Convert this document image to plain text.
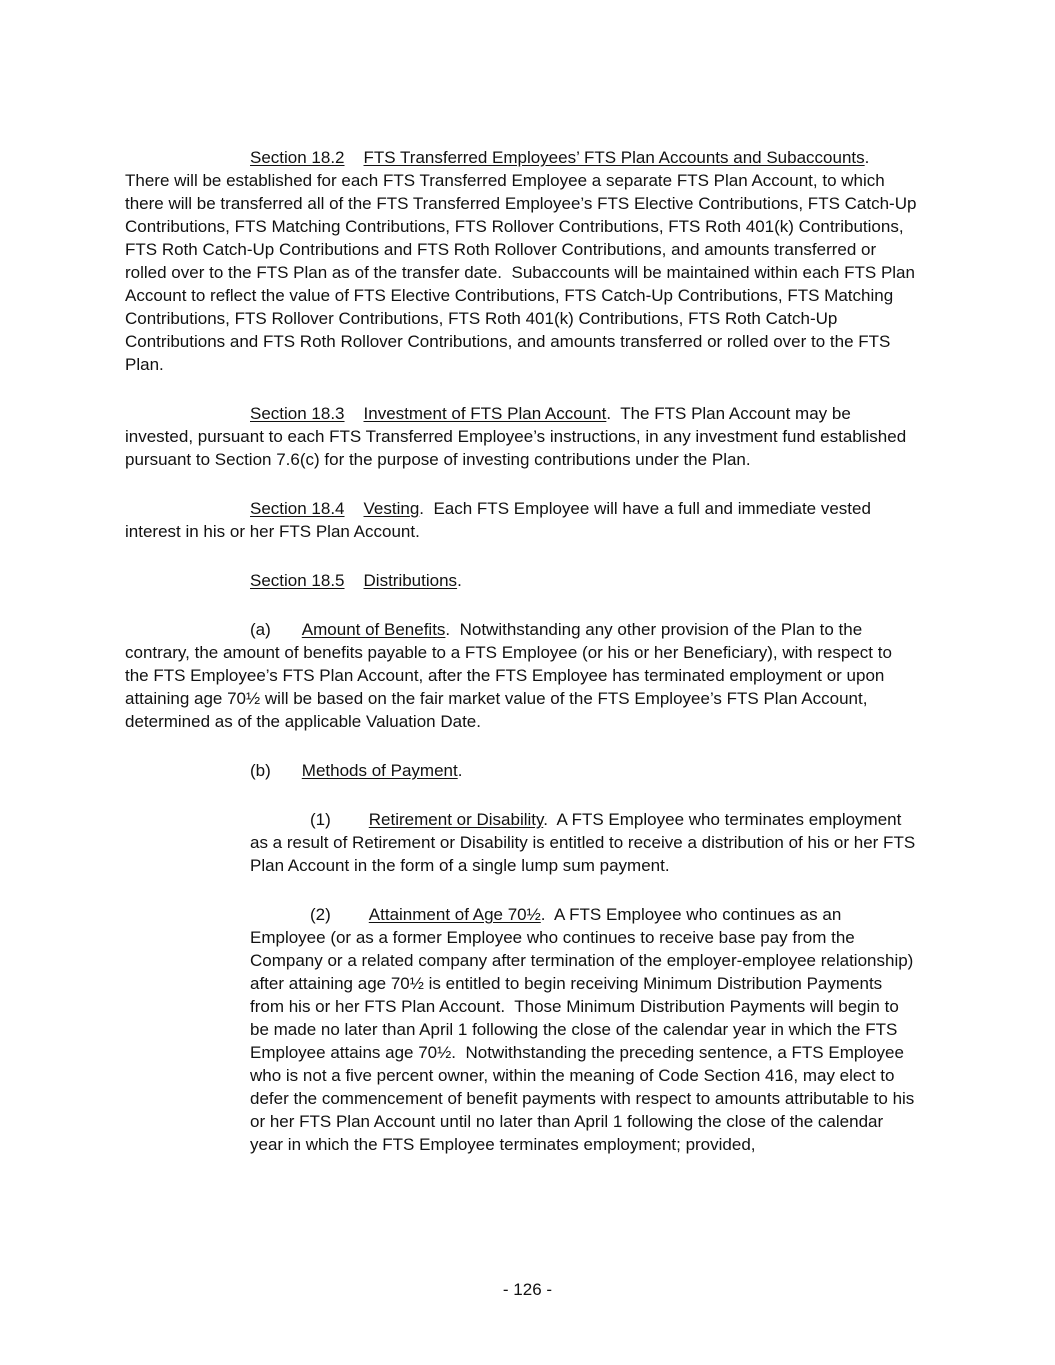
Section 18.2 FTS Transferred Employees’ FTS Plan Accounts and Subaccounts.  There will be established for each FTS Transferred Employee a separate FTS Plan Account, to which there will be transferred all of the FTS Transferred Employee’s FTS Elective Contributions, FTS Catch-Up Contributions, FTS Matching Contributions, FTS Rollover Contributions, FTS Roth 401(k) Contributions, FTS Roth Catch-Up Contributions and FTS Roth Rollover Contributions, and amounts transferred or rolled over to the FTS Plan as of the transfer date.  Subaccounts will be maintained within each FTS Plan Account to reflect the value of FTS Elective Contributions, FTS Catch-Up Contributions, FTS Matching Contributions, FTS Rollover Contributions, FTS Roth 401(k) Contributions, FTS Roth Catch-Up Contributions and FTS Roth Rollover Contributions, and amounts transferred or rolled over to the FTS Plan.

Section 18.3 Investment of FTS Plan Account.  The FTS Plan Account may be invested, pursuant to each FTS Transferred Employee’s instructions, in any investment fund established pursuant to Section 7.6(c) for the purpose of investing contributions under the Plan.

Section 18.4 Vesting.  Each FTS Employee will have a full and immediate vested interest in his or her FTS Plan Account.

Section 18.5 Distributions.

(a) Amount of Benefits.  Notwithstanding any other provision of the Plan to the contrary, the amount of benefits payable to a FTS Employee (or his or her Beneficiary), with respect to the FTS Employee’s FTS Plan Account, after the FTS Employee has terminated employment or upon attaining age 70½ will be based on the fair market value of the FTS Employee’s FTS Plan Account, determined as of the applicable Valuation Date.

(b) Methods of Payment.

(1) Retirement or Disability.  A FTS Employee who terminates employment as a result of Retirement or Disability is entitled to receive a distribution of his or her FTS Plan Account in the form of a single lump sum payment.

(2) Attainment of Age 70½.  A FTS Employee who continues as an Employee (or as a former Employee who continues to receive base pay from the Company or a related company after termination of the employer-employee relationship) after attaining age 70½ is entitled to begin receiving Minimum Distribution Payments from his or her FTS Plan Account.  Those Minimum Distribution Payments will begin to be made no later than April 1 following the close of the calendar year in which the FTS Employee attains age 70½.  Notwithstanding the preceding sentence, a FTS Employee who is not a five percent owner, within the meaning of Code Section 416, may elect to defer the commencement of benefit payments with respect to amounts attributable to his or her FTS Plan Account until no later than April 1 following the close of the calendar year in which the FTS Employee terminates employment; provided,

- 126 -
